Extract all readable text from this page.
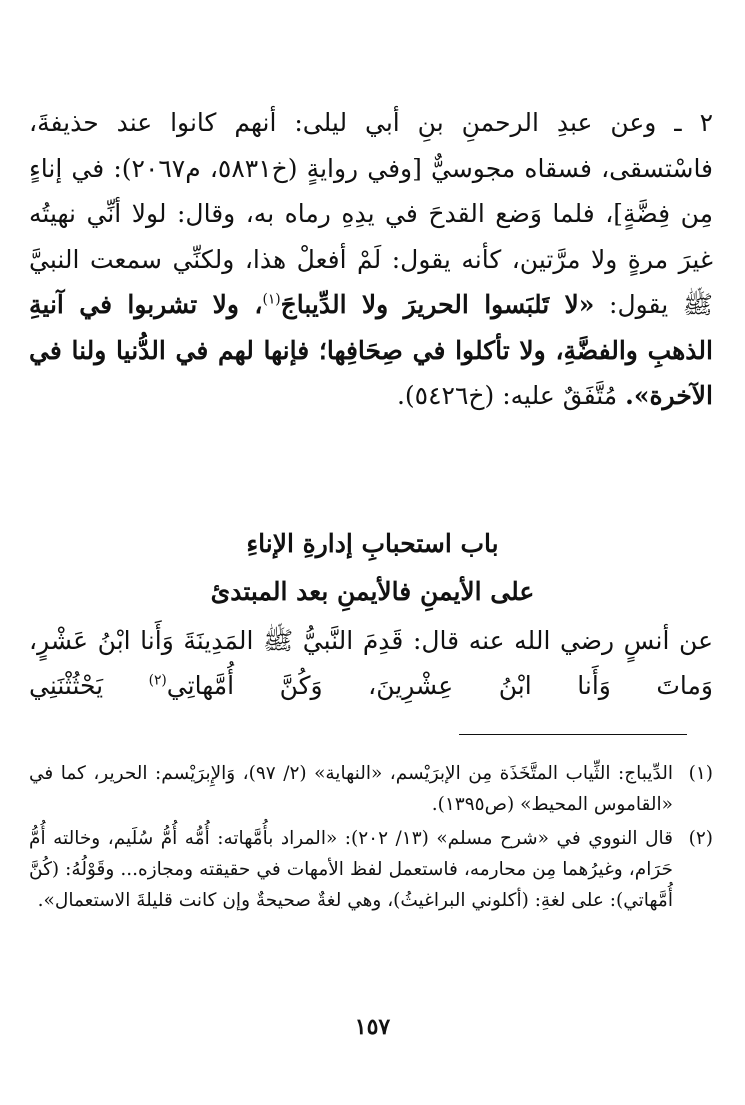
٢ ـ وعن عبدِ الرحمنِ بنِ أبي ليلى: أنهم كانوا عند حذيفةَ، فاسْتسقى، فسقاه مجوسيٌّ [وفي روايةٍ (خ٥٨٣١، م٢٠٦٧): في إناءٍ مِن فِضَّةٍ]، فلما وَضع القدحَ في يدِهِ رماه به، وقال: لولا أنِّي نهيتُه غيرَ مرةٍ ولا مرَّتين، كأنه يقول: لَمْ أفعلْ هذا، ولكنِّي سمعت النبيَّ ﷺ يقول: «لا تَلبَسوا الحريرَ ولا الدِّيباجَ$^{(١)}$، ولا تشربوا في آنيةِ الذهبِ والفضَّةِ، ولا تأكلوا في صِحَافِها؛ فإنها لهم في الدُّنيا ولنا في الآخرة». مُتَّفَقٌ عليه: (خ٥٤٢٦).

باب استحبابِ إدارةِ الإناءِ
على الأيمنِ فالأيمنِ بعد المبتدئ

عن أنسٍ رضي الله عنه قال: قَدِمَ النَّبيُّ ﷺ المَدِينَةَ وَأَنا ابْنُ عَشْرٍ، وَماتَ وَأَنا ابْنُ عِشْرِينَ، وَكُنَّ أُمَّهاتِي$^{(٢)}$ يَحْثُثْنَنِي

(١)
الدِّيباج: الثِّياب المتَّخَذَة مِن الإبرَيْسم، «النهاية» (٢/ ٩٧)، وَالإِبرَيْسم: الحرير، كما في «القاموس المحيط» (ص١٣٩٥).
(٢)
قال النووي في «شرح مسلم» (١٣/ ٢٠٢): «المراد بأُمَّهاته: أُمُّه أُمُّ سُلَيم، وخالته أُمُّ حَرَام، وغيرُهما مِن محارمه، فاستعمل لفظ الأمهات في حقيقته ومجازه... وقَوْلُهُ: (كُنَّ أُمَّهاتي): على لغةِ: (أكلوني البراغيثُ)، وهي لغةٌ صحيحةٌ وإن كانت قليلةَ الاستعمال».
١٥٧
